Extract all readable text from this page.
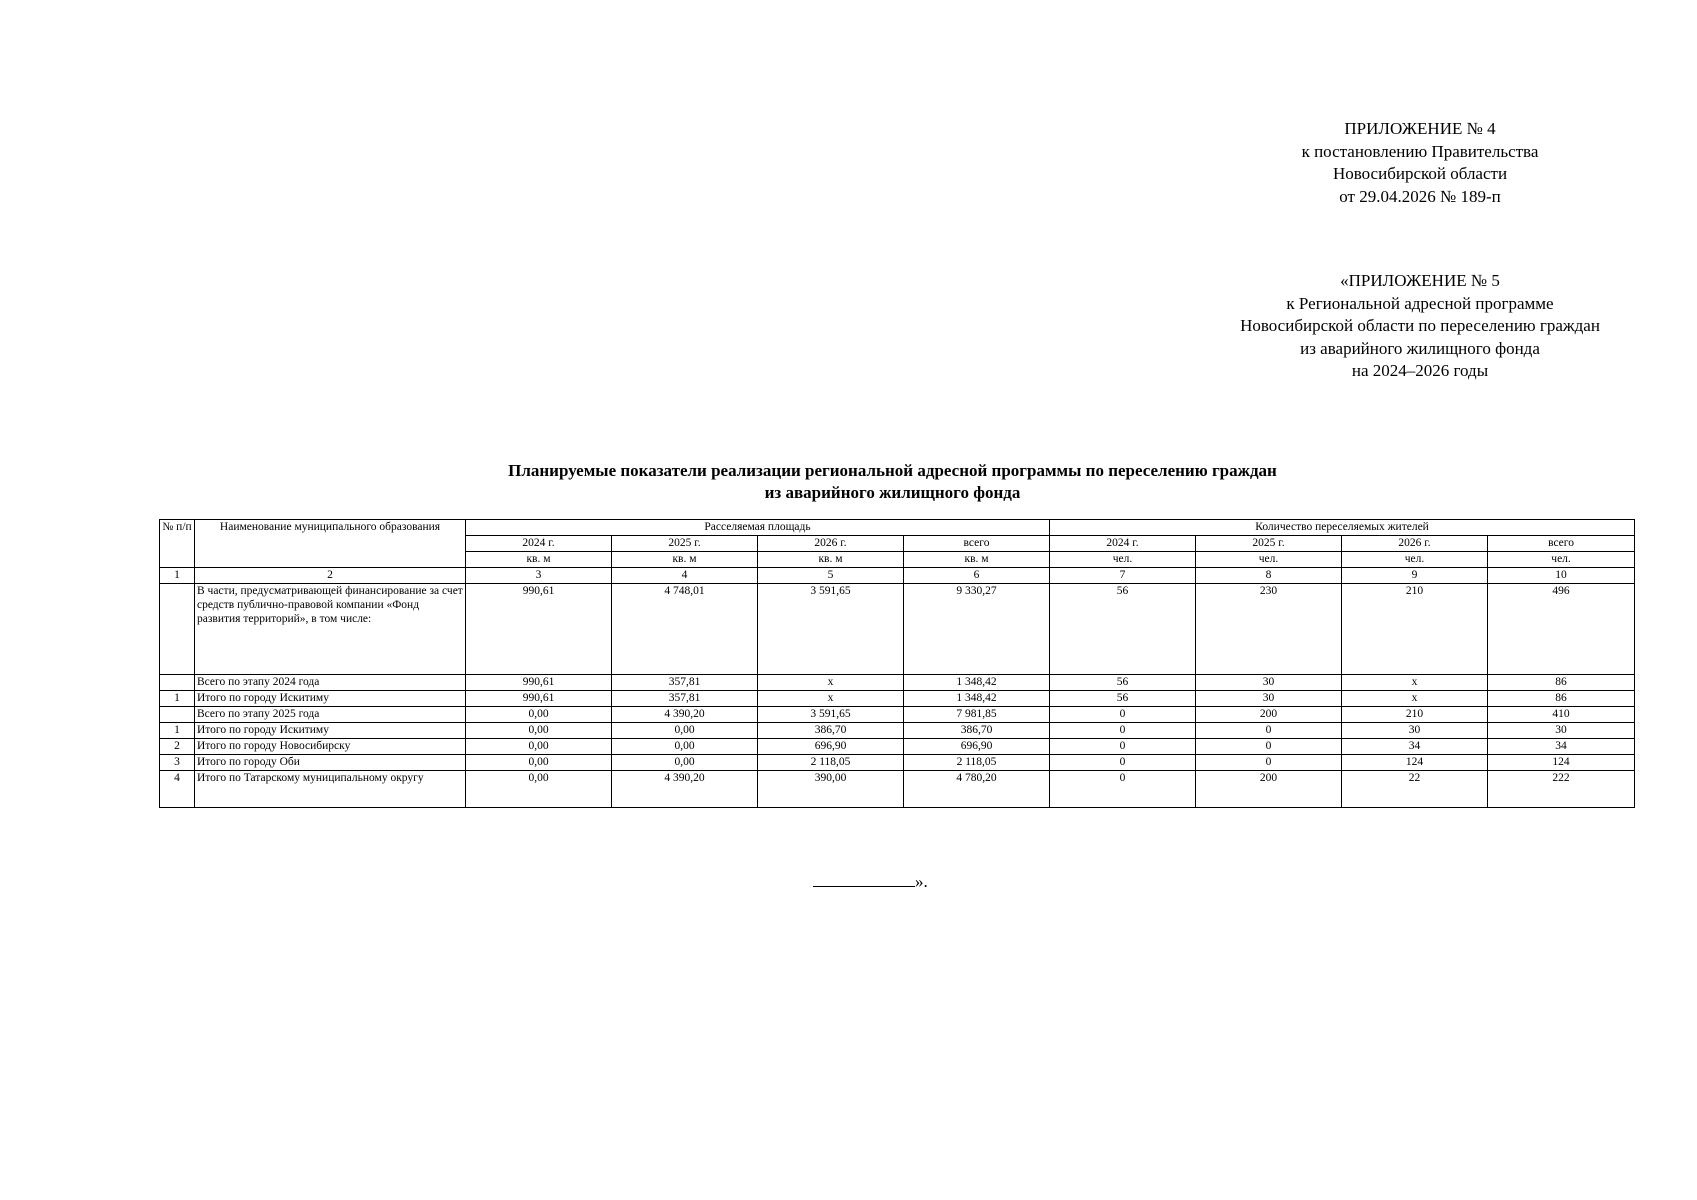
ПРИЛОЖЕНИЕ № 4
к постановлению Правительства
Новосибирской области
от 29.04.2026 № 189-п
«ПРИЛОЖЕНИЕ № 5
к Региональной адресной программе
Новосибирской области по переселению граждан
из аварийного жилищного фонда
на 2024–2026 годы
Планируемые показатели реализации региональной адресной программы по переселению граждан
из аварийного жилищного фонда
№ п/п	Наименование муниципального образования	Расселяемая площадь				Количество переселяемых жителей			
		2024 г.	2025 г.	2026 г.	всего	2024 г.	2025 г.	2026 г.	всего
		кв. м	кв. м	кв. м	кв. м	чел.	чел.	чел.	чел.
1	2	3	4	5	6	7	8	9	10
	В части, предусматривающей финансирование за счет средств публично-правовой компании «Фонд развития территорий», в том числе:	990,61	4 748,01	3 591,65	9 330,27	56	230	210	496
	Всего по этапу 2024 года	990,61	357,81	х	1 348,42	56	30	х	86
1	Итого по городу Искитиму	990,61	357,81	х	1 348,42	56	30	х	86
	Всего по этапу 2025 года	0,00	4 390,20	3 591,65	7 981,85	0	200	210	410
1	Итого по городу Искитиму	0,00	0,00	386,70	386,70	0	0	30	30
2	Итого по городу Новосибирску	0,00	0,00	696,90	696,90	0	0	34	34
3	Итого по городу Оби	0,00	0,00	2 118,05	2 118,05	0	0	124	124
4	Итого по Татарскому муниципальному округу	0,00	4 390,20	390,00	4 780,20	0	200	22	222
».
